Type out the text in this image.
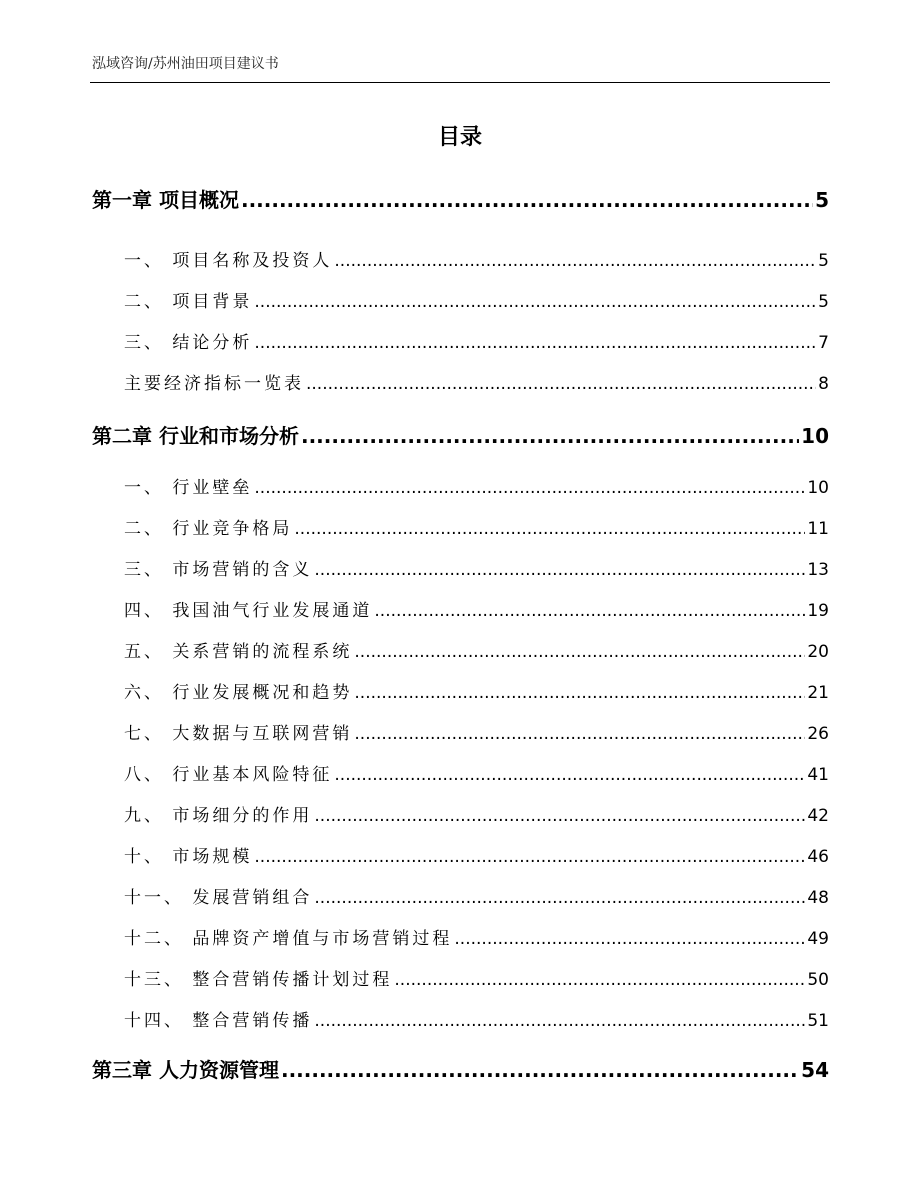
泓域咨询/苏州油田项目建议书
目录
第一章 项目概况 .....	5
一、 项目名称及投资人 .....	5
二、 项目背景 .....	5
三、 结论分析 .....	7
主要经济指标一览表 .....	8
第二章 行业和市场分析 .....	10
一、 行业壁垒 .....	10
二、 行业竞争格局 .....	11
三、 市场营销的含义 .....	13
四、 我国油气行业发展通道 .....	19
五、 关系营销的流程系统 .....	20
六、 行业发展概况和趋势 .....	21
七、 大数据与互联网营销 .....	26
八、 行业基本风险特征 .....	41
九、 市场细分的作用 .....	42
十、 市场规模 .....	46
十一、 发展营销组合 .....	48
十二、 品牌资产增值与市场营销过程 .....	49
十三、 整合营销传播计划过程 .....	50
十四、 整合营销传播 .....	51
第三章 人力资源管理 .....	54
